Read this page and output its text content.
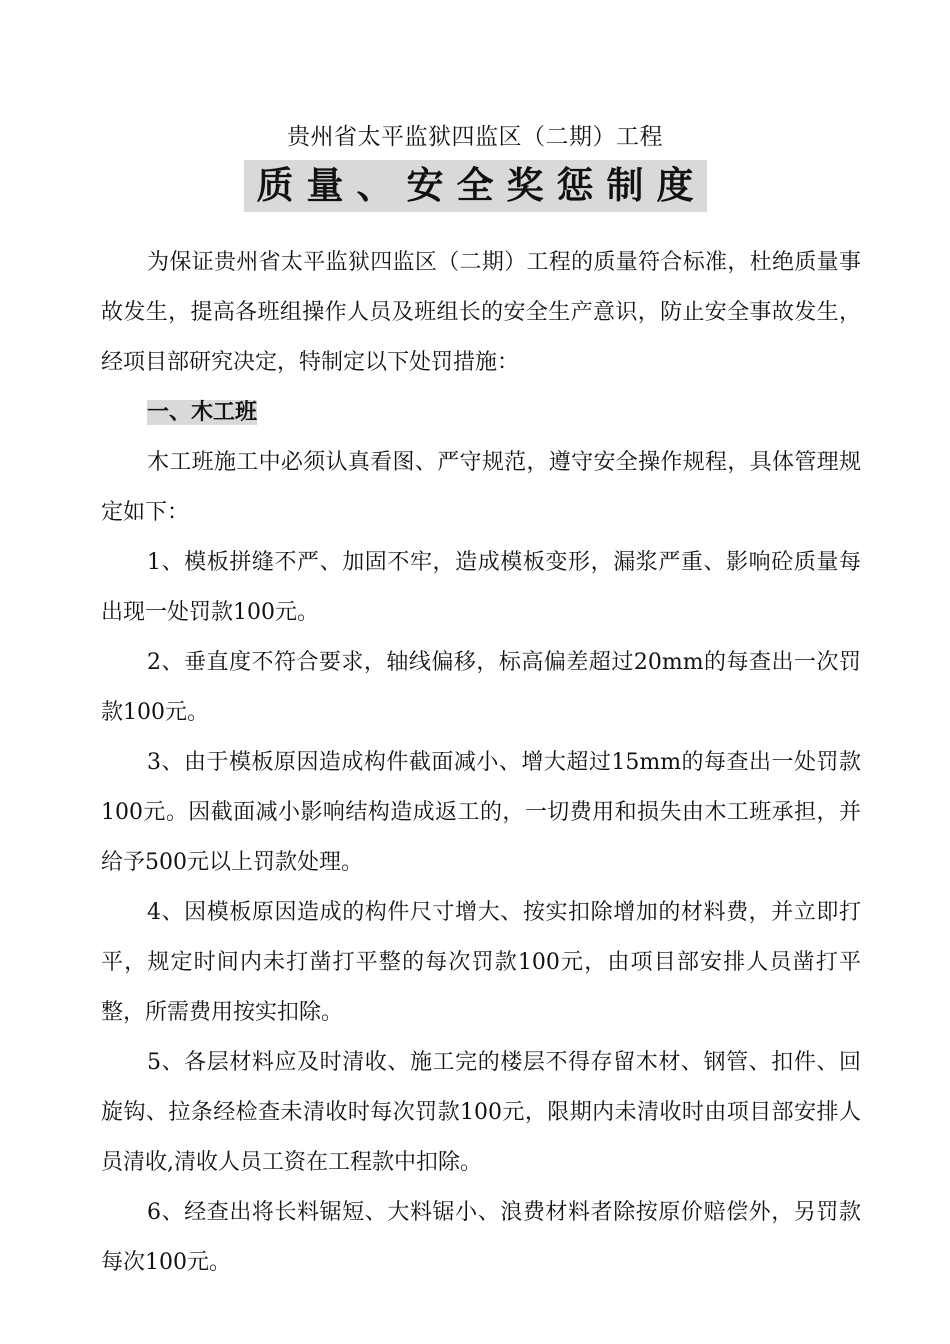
贵州省太平监狱四监区（二期）工程
质量、安全奖惩制度

为保证贵州省太平监狱四监区（二期）工程的质量符合标准，杜绝质量事故发生，提高各班组操作人员及班组长的安全生产意识，防止安全事故发生，经项目部研究决定，特制定以下处罚措施：

一、木工班

木工班施工中必须认真看图、严守规范，遵守安全操作规程，具体管理规定如下：

1、模板拼缝不严、加固不牢，造成模板变形，漏浆严重、影响砼质量每出现一处罚款100元。

2、垂直度不符合要求，轴线偏移，标高偏差超过20mm的每查出一次罚款100元。

3、由于模板原因造成构件截面减小、增大超过15mm的每查出一处罚款100元。因截面减小影响结构造成返工的，一切费用和损失由木工班承担，并给予500元以上罚款处理。

4、因模板原因造成的构件尺寸增大、按实扣除增加的材料费，并立即打平，规定时间内未打凿打平整的每次罚款100元，由项目部安排人员凿打平整，所需费用按实扣除。

5、各层材料应及时清收、施工完的楼层不得存留木材、钢管、扣件、回旋钩、拉条经检查未清收时每次罚款100元，限期内未清收时由项目部安排人员清收,清收人员工资在工程款中扣除。

6、经查出将长料锯短、大料锯小、浪费材料者除按原价赔偿外，另罚款每次100元。
